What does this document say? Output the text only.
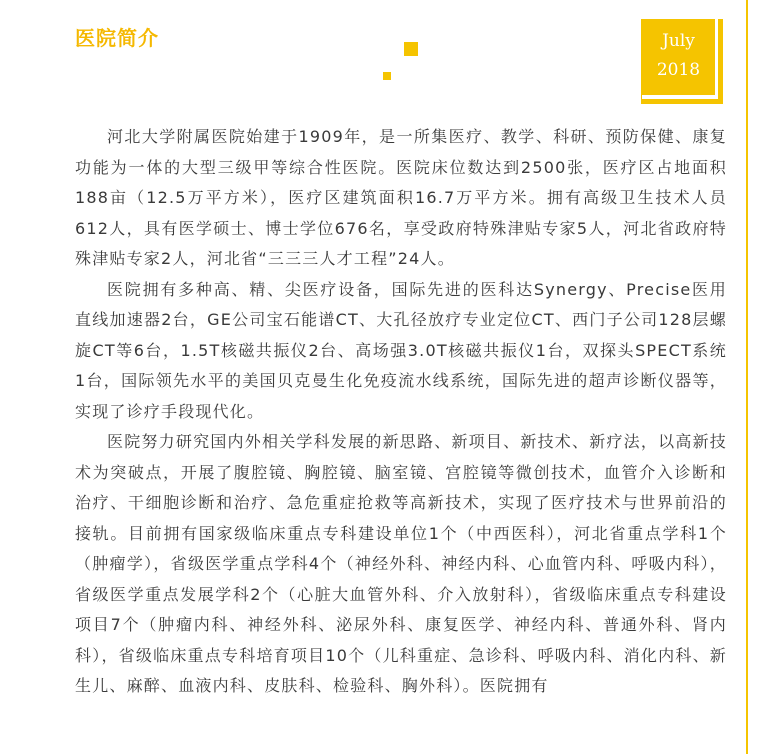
医院简介	July
2018

河北大学附属医院始建于1909年，是一所集医疗、教学、科研、预防保健、康复功能为一体的大型三级甲等综合性医院。医院床位数达到2500张，医疗区占地面积188亩（12.5万平方米），医疗区建筑面积16.7万平方米。拥有高级卫生技术人员612人，具有医学硕士、博士学位676名，享受政府特殊津贴专家5人，河北省政府特殊津贴专家2人，河北省“三三三人才工程”24人。

医院拥有多种高、精、尖医疗设备，国际先进的医科达Synergy、Precise医用直线加速器2台，GE公司宝石能谱CT、大孔径放疗专业定位CT、西门子公司128层螺旋CT等6台，1.5T核磁共振仪2台、高场强3.0T核磁共振仪1台，双探头SPECT系统1台，国际领先水平的美国贝克曼生化免疫流水线系统，国际先进的超声诊断仪器等，实现了诊疗手段现代化。

医院努力研究国内外相关学科发展的新思路、新项目、新技术、新疗法，以高新技术为突破点，开展了腹腔镜、胸腔镜、脑室镜、宫腔镜等微创技术，血管介入诊断和治疗、干细胞诊断和治疗、急危重症抢救等高新技术，实现了医疗技术与世界前沿的接轨。目前拥有国家级临床重点专科建设单位1个（中西医科），河北省重点学科1个（肿瘤学），省级医学重点学科4个（神经外科、神经内科、心血管内科、呼吸内科），省级医学重点发展学科2个（心脏大血管外科、介入放射科），省级临床重点专科建设项目7个（肿瘤内科、神经外科、泌尿外科、康复医学、神经内科、普通外科、肾内科），省级临床重点专科培育项目10个（儿科重症、急诊科、呼吸内科、消化内科、新生儿、麻醉、血液内科、皮肤科、检验科、胸外科）。医院拥有
